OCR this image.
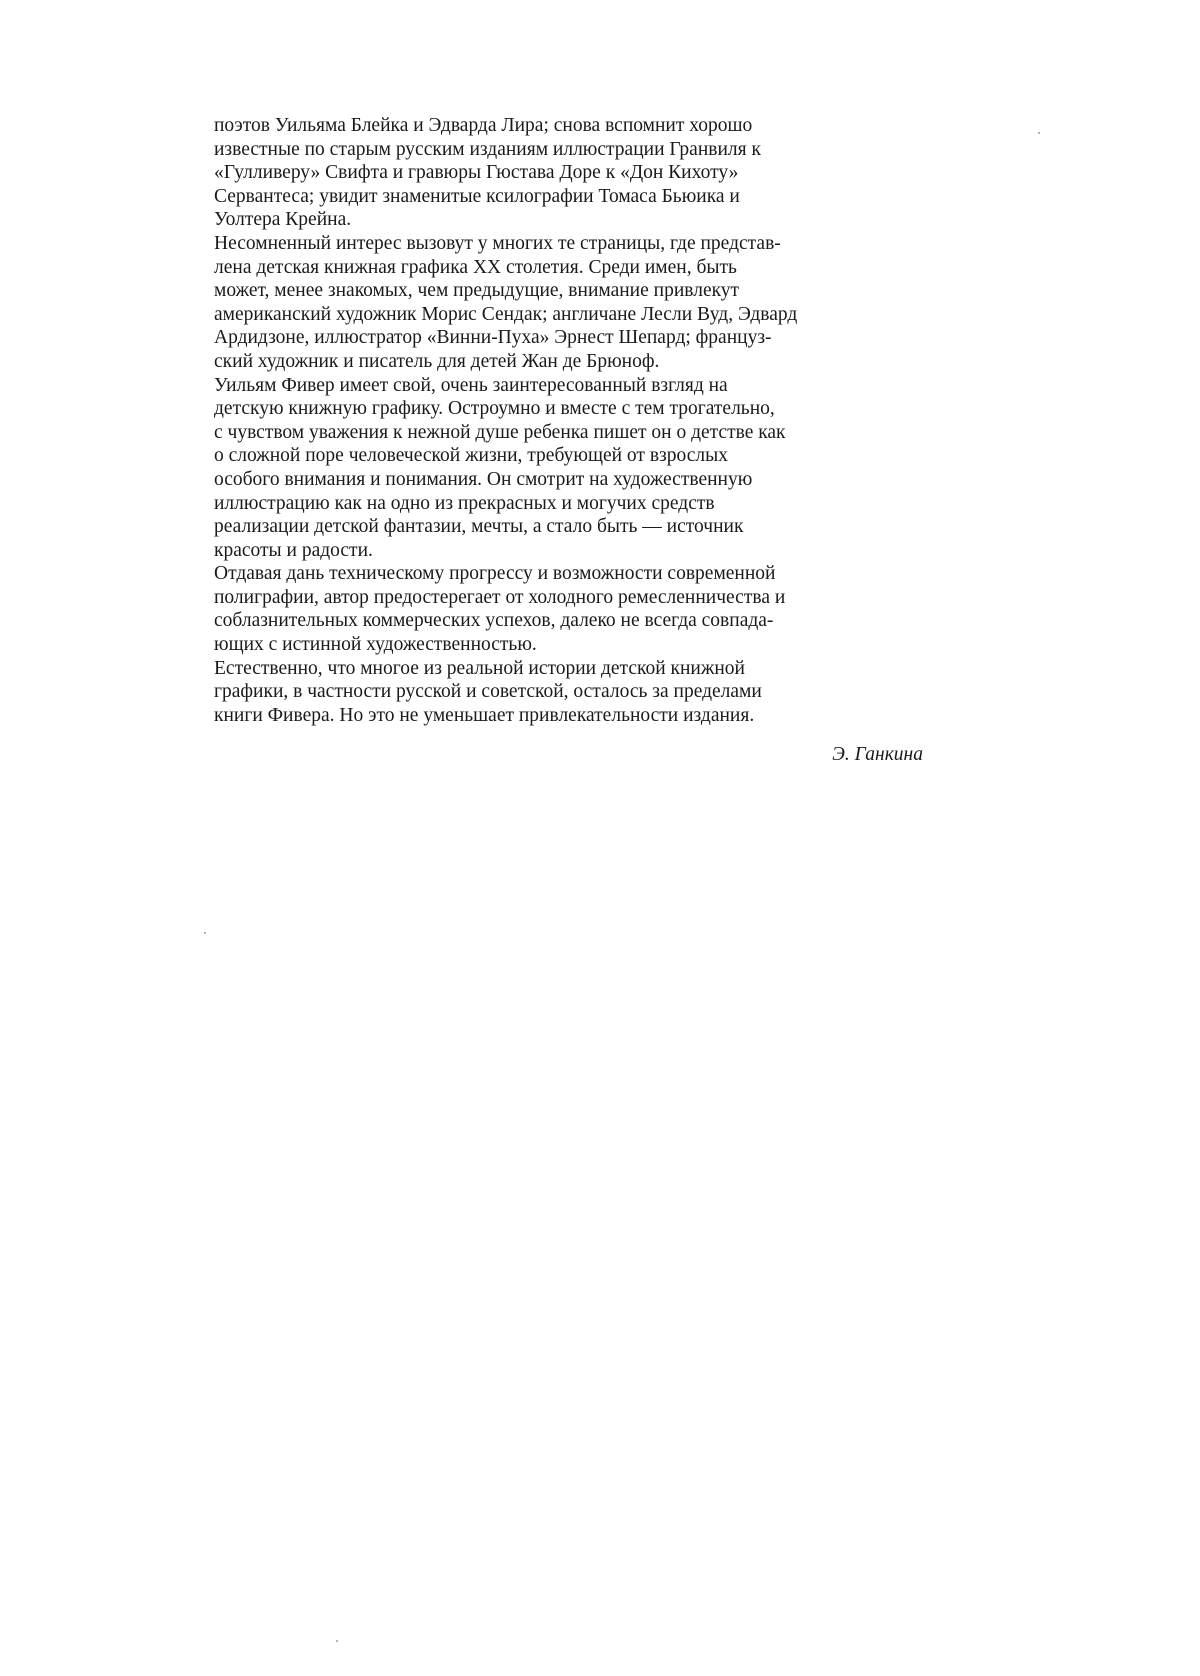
поэтов Уильяма Блейка и Эдварда Лира; снова вспомнит хорошо
известные по старым русским изданиям иллюстрации Гранвиля к
«Гулливеру» Свифта и гравюры Гюстава Доре к «Дон Кихоту»
Сервантеса; увидит знаменитые ксилографии Томаса Бьюика и
Уолтера Крейна.
Несомненный интерес вызовут у многих те страницы, где представ-
лена детская книжная графика XX столетия. Среди имен, быть
может, менее знакомых, чем предыдущие, внимание привлекут
американский художник Морис Сендак; англичане Лесли Вуд, Эдвард
Ардидзоне, иллюстратор «Винни-Пуха» Эрнест Шепард; француз-
ский художник и писатель для детей Жан де Брюноф.
Уильям Фивер имеет свой, очень заинтересованный взгляд на
детскую книжную графику. Остроумно и вместе с тем трогательно,
с чувством уважения к нежной душе ребенка пишет он о детстве как
о сложной поре человеческой жизни, требующей от взрослых
особого внимания и понимания. Он смотрит на художественную
иллюстрацию как на одно из прекрасных и могучих средств
реализации детской фантазии, мечты, а стало быть — источник
красоты и радости.
Отдавая дань техническому прогрессу и возможности современной
полиграфии, автор предостерегает от холодного ремесленничества и
соблазнительных коммерческих успехов, далеко не всегда совпада-
ющих с истинной художественностью.
Естественно, что многое из реальной истории детской книжной
графики, в частности русской и советской, осталось за пределами
книги Фивера. Но это не уменьшает привлекательности издания.
Э. Ганкина
